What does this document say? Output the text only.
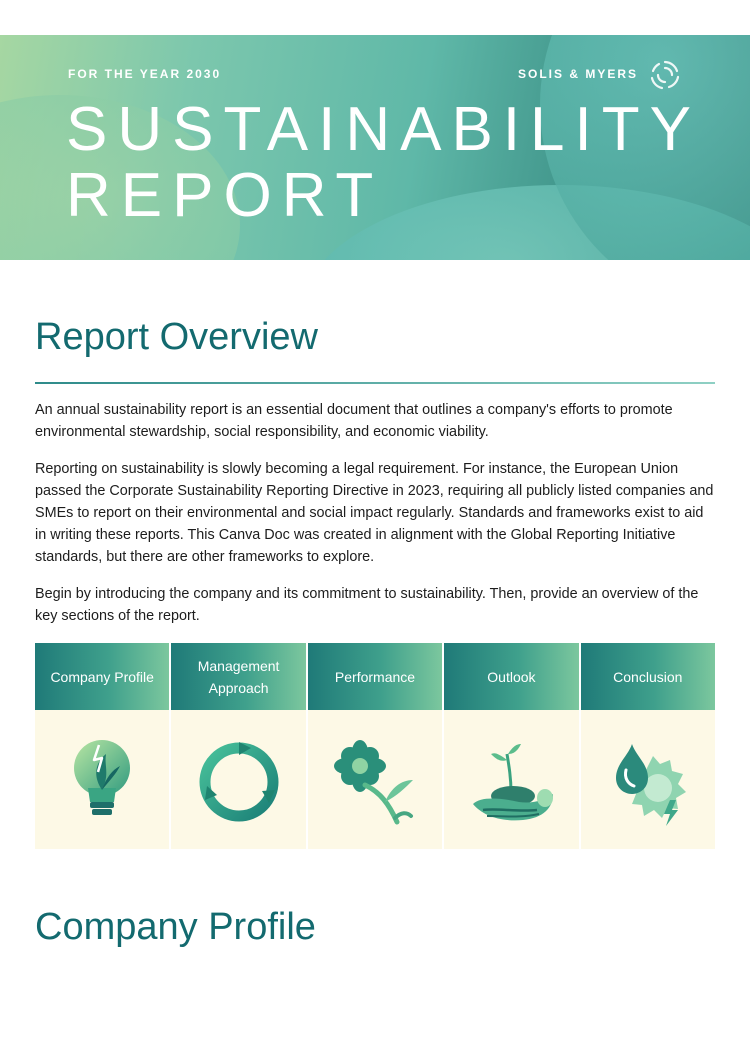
FOR THE YEAR 2030	SOLIS & MYERS
SUSTAINABILITY
REPORT
Report Overview

An annual sustainability report is an essential document that outlines a company's efforts to promote environmental stewardship, social responsibility, and economic viability.

Reporting on sustainability is slowly becoming a legal requirement. For instance, the European Union passed the Corporate Sustainability Reporting Directive in 2023, requiring all publicly listed companies and SMEs to report on their environmental and social impact regularly. Standards and frameworks exist to aid in writing these reports. This Canva Doc was created in alignment with the Global Reporting Initiative standards, but there are other frameworks to explore.

Begin by introducing the company and its commitment to sustainability. Then, provide an overview of the key sections of the report.

Company Profile
Management Approach
Performance	Outlook	Conclusion
Company Profile
